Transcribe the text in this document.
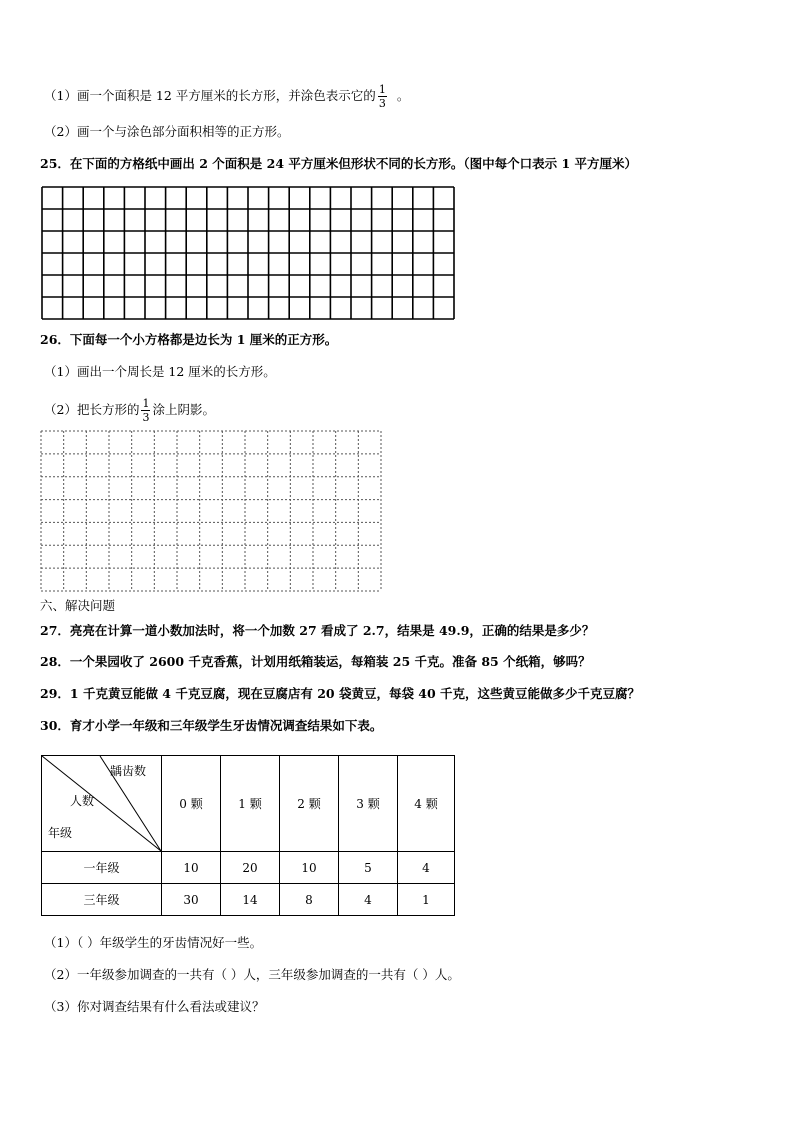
（1）画一个面积是 12 平方厘米的长方形，并涂色表示它的 $\frac{1}{3}$ 。
（2）画一个与涂色部分面积相等的正方形。
25．在下面的方格纸中画出 2 个面积是 24 平方厘米但形状不同的长方形。（图中每个口表示 1 平方厘米）
26．下面每一个小方格都是边长为 1 厘米的正方形。
（1）画出一个周长是 12 厘米的长方形。
（2）把长方形的 $\frac{1}{3}$ 涂上阴影。
六、解决问题
27．亮亮在计算一道小数加法时，将一个加数 27 看成了 2.7，结果是 49.9，正确的结果是多少？
28．一个果园收了 2600 千克香蕉，计划用纸箱装运，每箱装 25 千克。准备 85 个纸箱，够吗？
29．1 千克黄豆能做 4 千克豆腐，现在豆腐店有 20 袋黄豆，每袋 40 千克，这些黄豆能做多少千克豆腐？
30．育才小学一年级和三年级学生牙齿情况调查结果如下表。
龋齿数
人数
年级	0 颗	1 颗	2 颗	3 颗	4 颗
一年级	10	20	10	5	4
三年级	30	14	8	4	1
（1）（ ）年级学生的牙齿情况好一些。
（2）一年级参加调查的一共有（ ）人，三年级参加调查的一共有（ ）人。
（3）你对调查结果有什么看法或建议？
